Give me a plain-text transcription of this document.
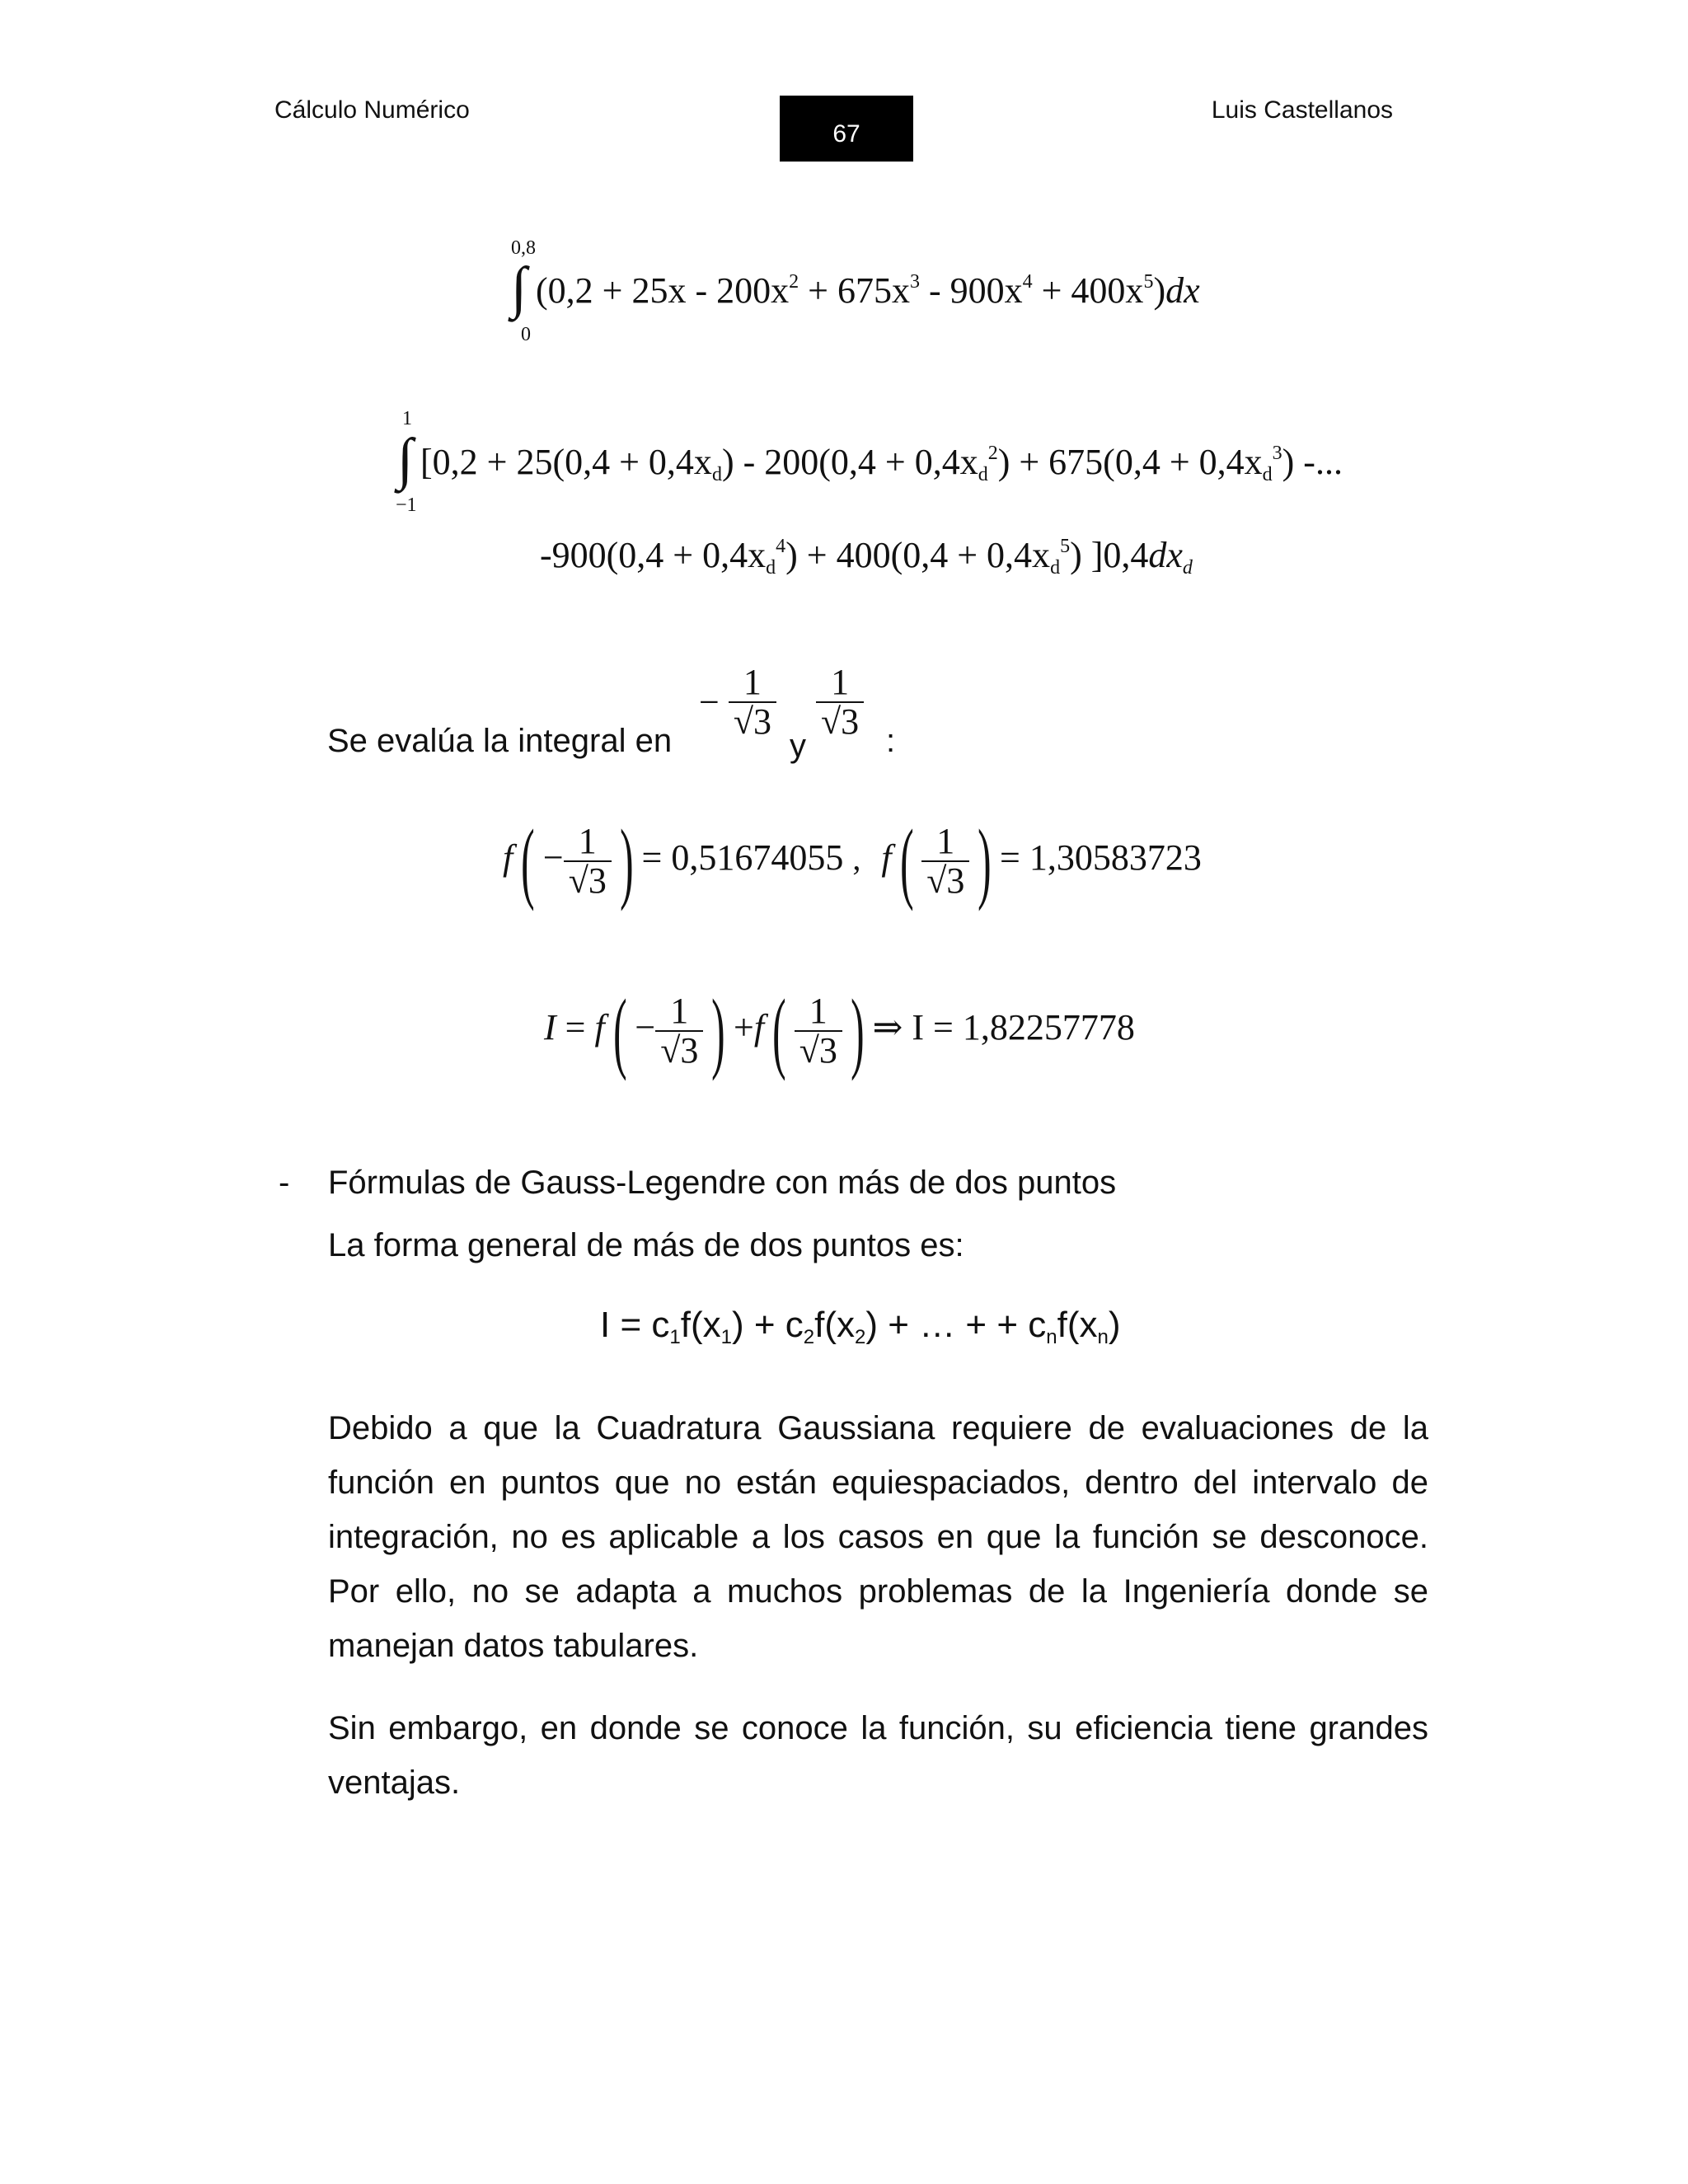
Cálculo Numérico
67
Luis Castellanos
0,8
∫
0
$(0,2 + 25x - 200x^2 + 675x^3 - 900x^4 + 400x^5)dx$
1
∫
−1
[$0,2 + 25(0,4 + 0,4x_d) - 200(0,4 + 0,4x_d^2) + 675(0,4 + 0,4x_d^3)$ -...
$-900(0,4 + 0,4x_d^4) + 400(0,4 + 0,4x_d^5)$ ]$0,4dx_d$
Se evalúa la integral en
− $\frac{1}{√3}$
y
$\frac{1}{√3}$ :
$f( - \frac{1}{√3}$ ) = 0,51674055 , $f( \frac{1}{√3}$ ) = 1,30583723
$I = f( - \frac{1}{√3}$ ) $+f( \frac{1}{√3}$ ) ⇒ I = 1,82257778
- Fórmulas de Gauss-Legendre con más de dos puntos
La forma general de más de dos puntos es:
$I = c_1f(x_1) + c_2f(x_2)$ + … + + $c_nf(x_n)$

Debido a que la Cuadratura Gaussiana requiere de evaluaciones de la función en puntos que no están equiespaciados, dentro del intervalo de integración, no es aplicable a los casos en que la función se desconoce. Por ello, no se adapta a muchos problemas de la Ingeniería donde se manejan datos tabulares.

Sin embargo, en donde se conoce la función, su eficiencia tiene grandes ventajas.
